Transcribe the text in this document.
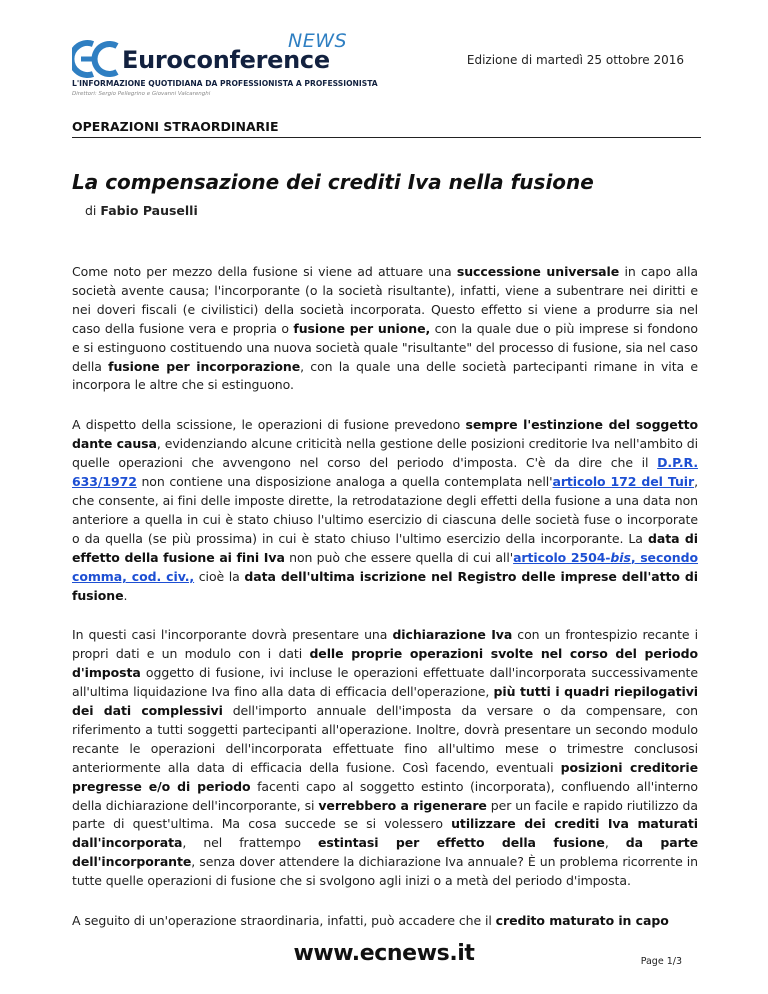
NEWS
Euroconference
L'INFORMAZIONE QUOTIDIANA DA PROFESSIONISTA A PROFESSIONISTA
Direttori: Sergio Pellegrino e Giovanni Valcarenghi
Edizione di martedì 25 ottobre 2016
OPERAZIONI STRAORDINARIE
La compensazione dei crediti Iva nella fusione
di Fabio Pauselli

Come noto per mezzo della fusione si viene ad attuare una successione universale in capo alla società avente causa; l'incorporante (o la società risultante), infatti, viene a subentrare nei diritti e nei doveri fiscali (e civilistici) della società incorporata. Questo effetto si viene a produrre sia nel caso della fusione vera e propria o fusione per unione, con la quale due o più imprese si fondono e si estinguono costituendo una nuova società quale "risultante" del processo di fusione, sia nel caso della fusione per incorporazione, con la quale una delle società partecipanti rimane in vita e incorpora le altre che si estinguono.

A dispetto della scissione, le operazioni di fusione prevedono sempre l'estinzione del soggetto dante causa, evidenziando alcune criticità nella gestione delle posizioni creditorie Iva nell'ambito di quelle operazioni che avvengono nel corso del periodo d'imposta. C'è da dire che il D.P.R. 633/1972 non contiene una disposizione analoga a quella contemplata nell'articolo 172 del Tuir, che consente, ai fini delle imposte dirette, la retrodatazione degli effetti della fusione a una data non anteriore a quella in cui è stato chiuso l'ultimo esercizio di ciascuna delle società fuse o incorporate o da quella (se più prossima) in cui è stato chiuso l'ultimo esercizio della incorporante. La data di effetto della fusione ai fini Iva non può che essere quella di cui all'articolo 2504-bis, secondo comma, cod. civ., cioè la data dell'ultima iscrizione nel Registro delle imprese dell'atto di fusione.

In questi casi l'incorporante dovrà presentare una dichiarazione Iva con un frontespizio recante i propri dati e un modulo con i dati delle proprie operazioni svolte nel corso del periodo d'imposta oggetto di fusione, ivi incluse le operazioni effettuate dall'incorporata successivamente all'ultima liquidazione Iva fino alla data di efficacia dell'operazione, più tutti i quadri riepilogativi dei dati complessivi dell'importo annuale dell'imposta da versare o da compensare, con riferimento a tutti soggetti partecipanti all'operazione. Inoltre, dovrà presentare un secondo modulo recante le operazioni dell'incorporata effettuate fino all'ultimo mese o trimestre conclusosi anteriormente alla data di efficacia della fusione. Così facendo, eventuali posizioni creditorie pregresse e/o di periodo facenti capo al soggetto estinto (incorporata), confluendo all'interno della dichiarazione dell'incorporante, si verrebbero a rigenerare per un facile e rapido riutilizzo da parte di quest'ultima. Ma cosa succede se si volessero utilizzare dei crediti Iva maturati dall'incorporata, nel frattempo estintasi per effetto della fusione, da parte dell'incorporante, senza dover attendere la dichiarazione Iva annuale? È un problema ricorrente in tutte quelle operazioni di fusione che si svolgono agli inizi o a metà del periodo d'imposta.

A seguito di un'operazione straordinaria, infatti, può accadere che il credito maturato in capo

www.ecnews.it	Page 1/3
